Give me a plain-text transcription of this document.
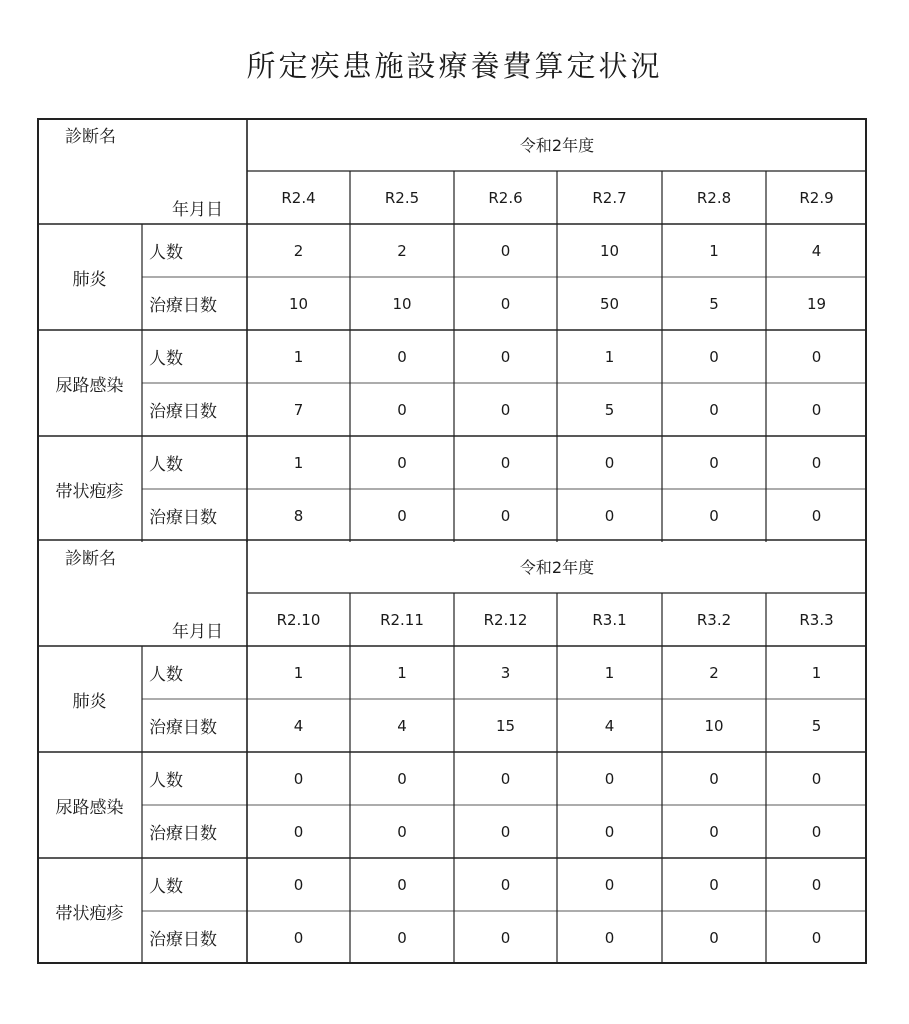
所定疾患施設療養費算定状況
診断名
年月日
令和2年度
R2.4	R2.5	R2.6	R2.7	R2.8	R2.9
肺炎
人数	2	2	0	10	1	4
治療日数	10	10	0	50	5	19
尿路感染
人数	1	0	0	1	0	0
治療日数	7	0	0	5	0	0
帯状疱疹
人数	1	0	0	0	0	0
治療日数	8	0	0	0	0	0
診断名
年月日
令和2年度
R2.10	R2.11	R2.12	R3.1	R3.2	R3.3
肺炎
人数	1	1	3	1	2	1
治療日数	4	4	15	4	10	5
尿路感染
人数	0	0	0	0	0	0
治療日数	0	0	0	0	0	0
帯状疱疹
人数	0	0	0	0	0	0
治療日数	0	0	0	0	0	0
